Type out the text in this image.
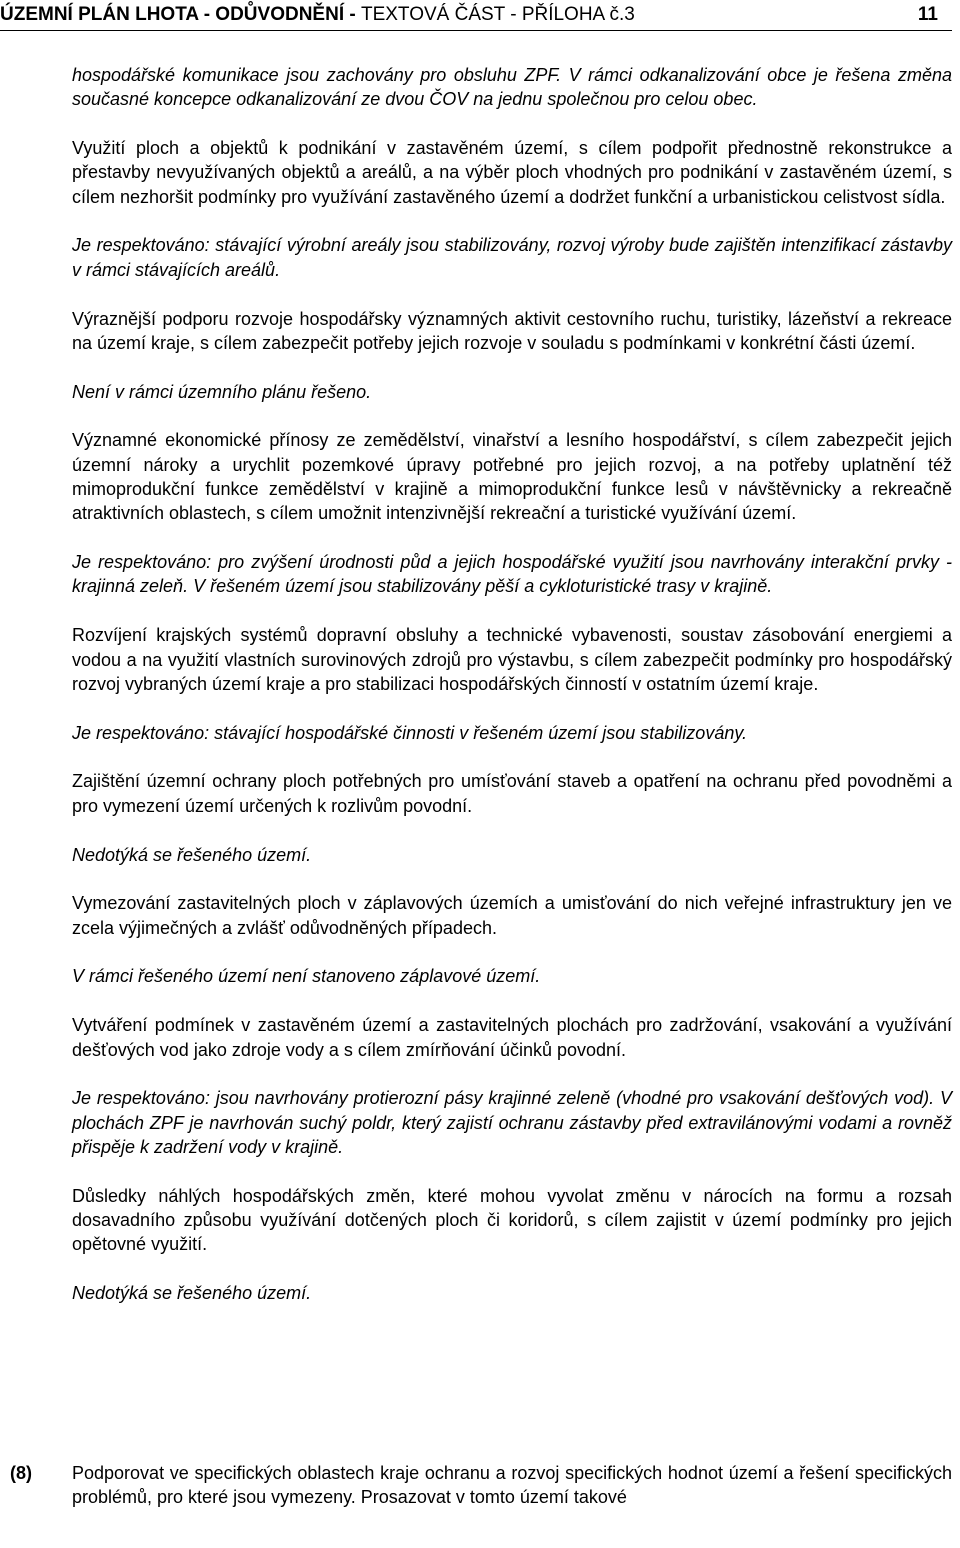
ÚZEMNÍ PLÁN LHOTA - ODŮVODNĚNÍ - TEXTOVÁ ČÁST - PŘÍLOHA č.3	11

hospodářské komunikace jsou zachovány pro obsluhu ZPF. V rámci odkanalizování obce je řešena změna současné koncepce odkanalizování ze dvou ČOV na jednu společnou pro celou obec.

Využití ploch a objektů k podnikání v zastavěném území, s cílem podpořit přednostně rekonstrukce a přestavby nevyužívaných objektů a areálů, a na výběr ploch vhodných pro podnikání v zastavěném území, s cílem nezhoršit podmínky pro využívání zastavěného území a dodržet funkční a urbanistickou celistvost sídla.

Je respektováno: stávající výrobní areály jsou stabilizovány, rozvoj výroby bude zajištěn intenzifikací zástavby v rámci stávajících areálů.

Výraznější podporu rozvoje hospodářsky významných aktivit cestovního ruchu, turistiky, lázeňství a rekreace na území kraje, s cílem zabezpečit potřeby jejich rozvoje v souladu s podmínkami v konkrétní části území.

Není v rámci územního plánu řešeno.

Významné ekonomické přínosy ze zemědělství, vinařství a lesního hospodářství, s cílem zabezpečit jejich územní nároky a urychlit pozemkové úpravy potřebné pro jejich rozvoj, a na potřeby uplatnění též mimoprodukční funkce zemědělství v krajině a mimoprodukční funkce lesů v návštěvnicky a rekreačně atraktivních oblastech, s cílem umožnit intenzivnější rekreační a turistické využívání území.

Je respektováno: pro zvýšení úrodnosti půd a jejich hospodářské využití jsou navrhovány interakční prvky - krajinná zeleň. V řešeném území jsou stabilizovány pěší a cykloturistické trasy v krajině.

Rozvíjení krajských systémů dopravní obsluhy a technické vybavenosti, soustav zásobování energiemi a vodou a na využití vlastních surovinových zdrojů pro výstavbu, s cílem zabezpečit podmínky pro hospodářský rozvoj vybraných území kraje a pro stabilizaci hospodářských činností v ostatním území kraje.

Je respektováno: stávající hospodářské činnosti v řešeném území jsou stabilizovány.

Zajištění územní ochrany ploch potřebných pro umísťování staveb a opatření na ochranu před povodněmi a pro vymezení území určených k rozlivům povodní.

Nedotýká se řešeného území.

Vymezování zastavitelných ploch v záplavových územích a umisťování do nich veřejné infrastruktury jen ve zcela výjimečných a zvlášť odůvodněných případech.

V rámci řešeného území není stanoveno záplavové území.

Vytváření podmínek v zastavěném území a zastavitelných plochách pro zadržování, vsakování a využívání dešťových vod jako zdroje vody a s cílem zmírňování účinků povodní.

Je respektováno: jsou navrhovány protierozní pásy krajinné zeleně (vhodné pro vsakování dešťových vod). V plochách ZPF je navrhován suchý poldr, který zajistí ochranu zástavby před extravilánovými vodami a rovněž přispěje k zadržení vody v krajině.

Důsledky náhlých hospodářských změn, které mohou vyvolat změnu v nárocích na formu a rozsah dosavadního způsobu využívání dotčených ploch či koridorů, s cílem zajistit v území podmínky pro jejich opětovné využití.

Nedotýká se řešeného území.

(8) Podporovat ve specifických oblastech kraje ochranu a rozvoj specifických hodnot území a řešení specifických problémů, pro které jsou vymezeny. Prosazovat v tomto území takové
